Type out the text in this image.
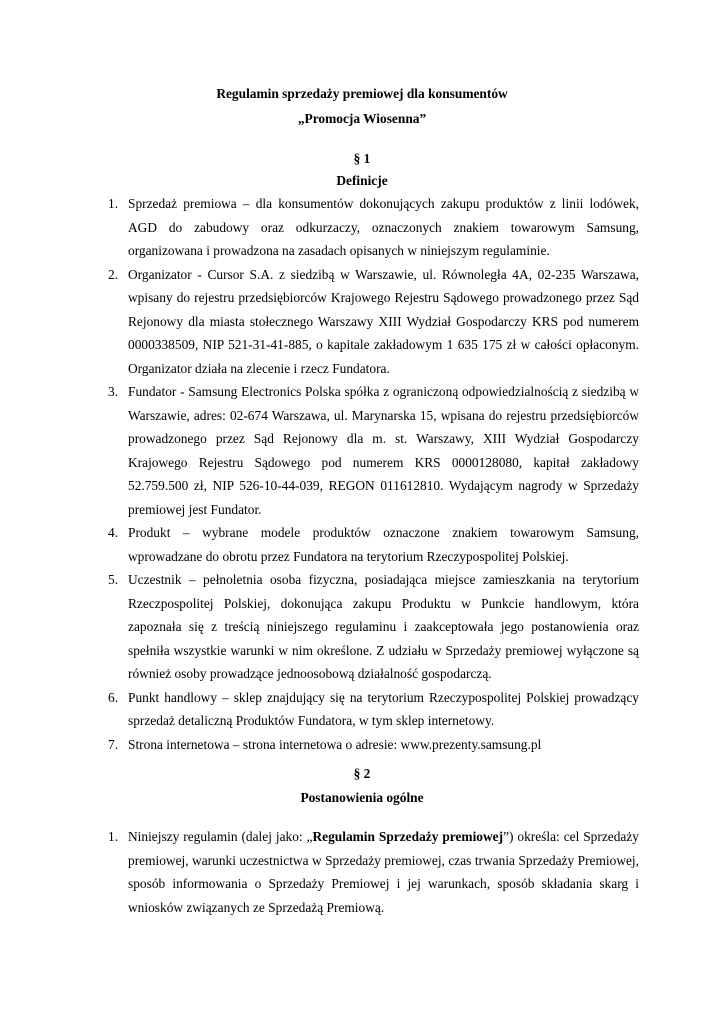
Regulamin sprzedaży premiowej dla konsumentów
„Promocja Wiosenna”
§ 1
Definicje
1. Sprzedaż premiowa – dla konsumentów dokonujących zakupu produktów z linii lodówek, AGD do zabudowy oraz odkurzaczy, oznaczonych znakiem towarowym Samsung, organizowana i prowadzona na zasadach opisanych w niniejszym regulaminie.
2. Organizator - Cursor S.A. z siedzibą w Warszawie, ul. Równoległa 4A, 02-235 Warszawa, wpisany do rejestru przedsiębiorców Krajowego Rejestru Sądowego prowadzonego przez Sąd Rejonowy dla miasta stołecznego Warszawy XIII Wydział Gospodarczy KRS pod numerem 0000338509, NIP 521-31-41-885, o kapitale zakładowym 1 635 175 zł w całości opłaconym. Organizator działa na zlecenie i rzecz Fundatora.
3. Fundator - Samsung Electronics Polska spółka z ograniczoną odpowiedzialnością z siedzibą w Warszawie, adres: 02-674 Warszawa, ul. Marynarska 15, wpisana do rejestru przedsiębiorców prowadzonego przez Sąd Rejonowy dla m. st. Warszawy, XIII Wydział Gospodarczy Krajowego Rejestru Sądowego pod numerem KRS 0000128080, kapitał zakładowy 52.759.500 zł, NIP 526-10-44-039, REGON 011612810. Wydającym nagrody w Sprzedaży premiowej jest Fundator.
4. Produkt – wybrane modele produktów oznaczone znakiem towarowym Samsung, wprowadzane do obrotu przez Fundatora na terytorium Rzeczypospolitej Polskiej.
5. Uczestnik – pełnoletnia osoba fizyczna, posiadająca miejsce zamieszkania na terytorium Rzeczpospolitej Polskiej, dokonująca zakupu Produktu w Punkcie handlowym, która zapoznała się z treścią niniejszego regulaminu i zaakceptowała jego postanowienia oraz spełniła wszystkie warunki w nim określone. Z udziału w Sprzedaży premiowej wyłączone są również osoby prowadzące jednoosobową działalność gospodarczą.
6. Punkt handlowy – sklep znajdujący się na terytorium Rzeczypospolitej Polskiej prowadzący sprzedaż detaliczną Produktów Fundatora, w tym sklep internetowy.
7. Strona internetowa – strona internetowa o adresie: www.prezenty.samsung.pl
§ 2
Postanowienia ogólne
1. Niniejszy regulamin (dalej jako: „Regulamin Sprzedaży premiowej”) określa: cel Sprzedaży premiowej, warunki uczestnictwa w Sprzedaży premiowej, czas trwania Sprzedaży Premiowej, sposób informowania o Sprzedaży Premiowej i jej warunkach, sposób składania skarg i wniosków związanych ze Sprzedażą Premiową.
